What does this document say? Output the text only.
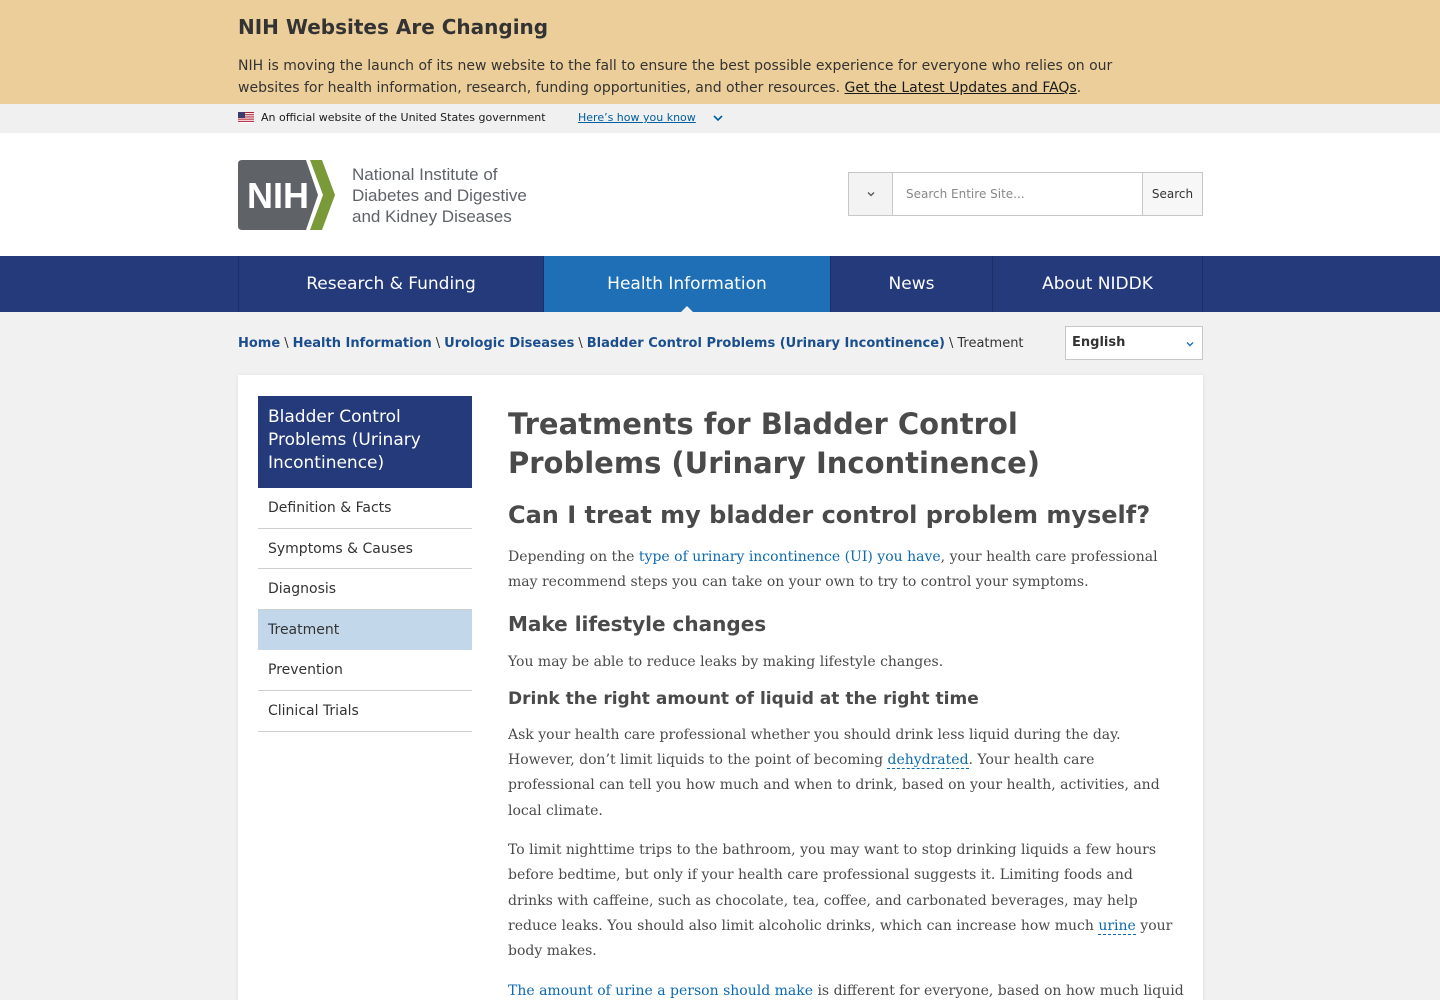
NIH Websites Are Changing

NIH is moving the launch of its new website to the fall to ensure the best possible experience for everyone who relies on our websites for health information, research, funding opportunities, and other resources. Get the Latest Updates and FAQs.

An official website of the United States government	Here’s how you know
NIH
National Institute of
Diabetes and Digestive
and Kidney Diseases
Search Entire Site...
Search
Research & Funding	Health Information	News	About NIDDK
Home \ Health Information \ Urologic Diseases \ Bladder Control Problems (Urinary Incontinence) \ Treatment	English
Bladder Control Problems (Urinary Incontinence)
Definition & Facts
Symptoms & Causes
Diagnosis
Treatment
Prevention
Clinical Trials
Treatments for Bladder Control Problems (Urinary Incontinence)
Can I treat my bladder control problem myself?

Depending on the type of urinary incontinence (UI) you have, your health care professional may recommend steps you can take on your own to try to control your symptoms.

Make lifestyle changes

You may be able to reduce leaks by making lifestyle changes.

Drink the right amount of liquid at the right time

Ask your health care professional whether you should drink less liquid during the day. However, don’t limit liquids to the point of becoming dehydrated. Your health care professional can tell you how much and when to drink, based on your health, activities, and local climate.

To limit nighttime trips to the bathroom, you may want to stop drinking liquids a few hours before bedtime, but only if your health care professional suggests it. Limiting foods and drinks with caffeine, such as chocolate, tea, coffee, and carbonated beverages, may help reduce leaks. You should also limit alcoholic drinks, which can increase how much urine your body makes.

The amount of urine a person should make is different for everyone, based on how much liquid
